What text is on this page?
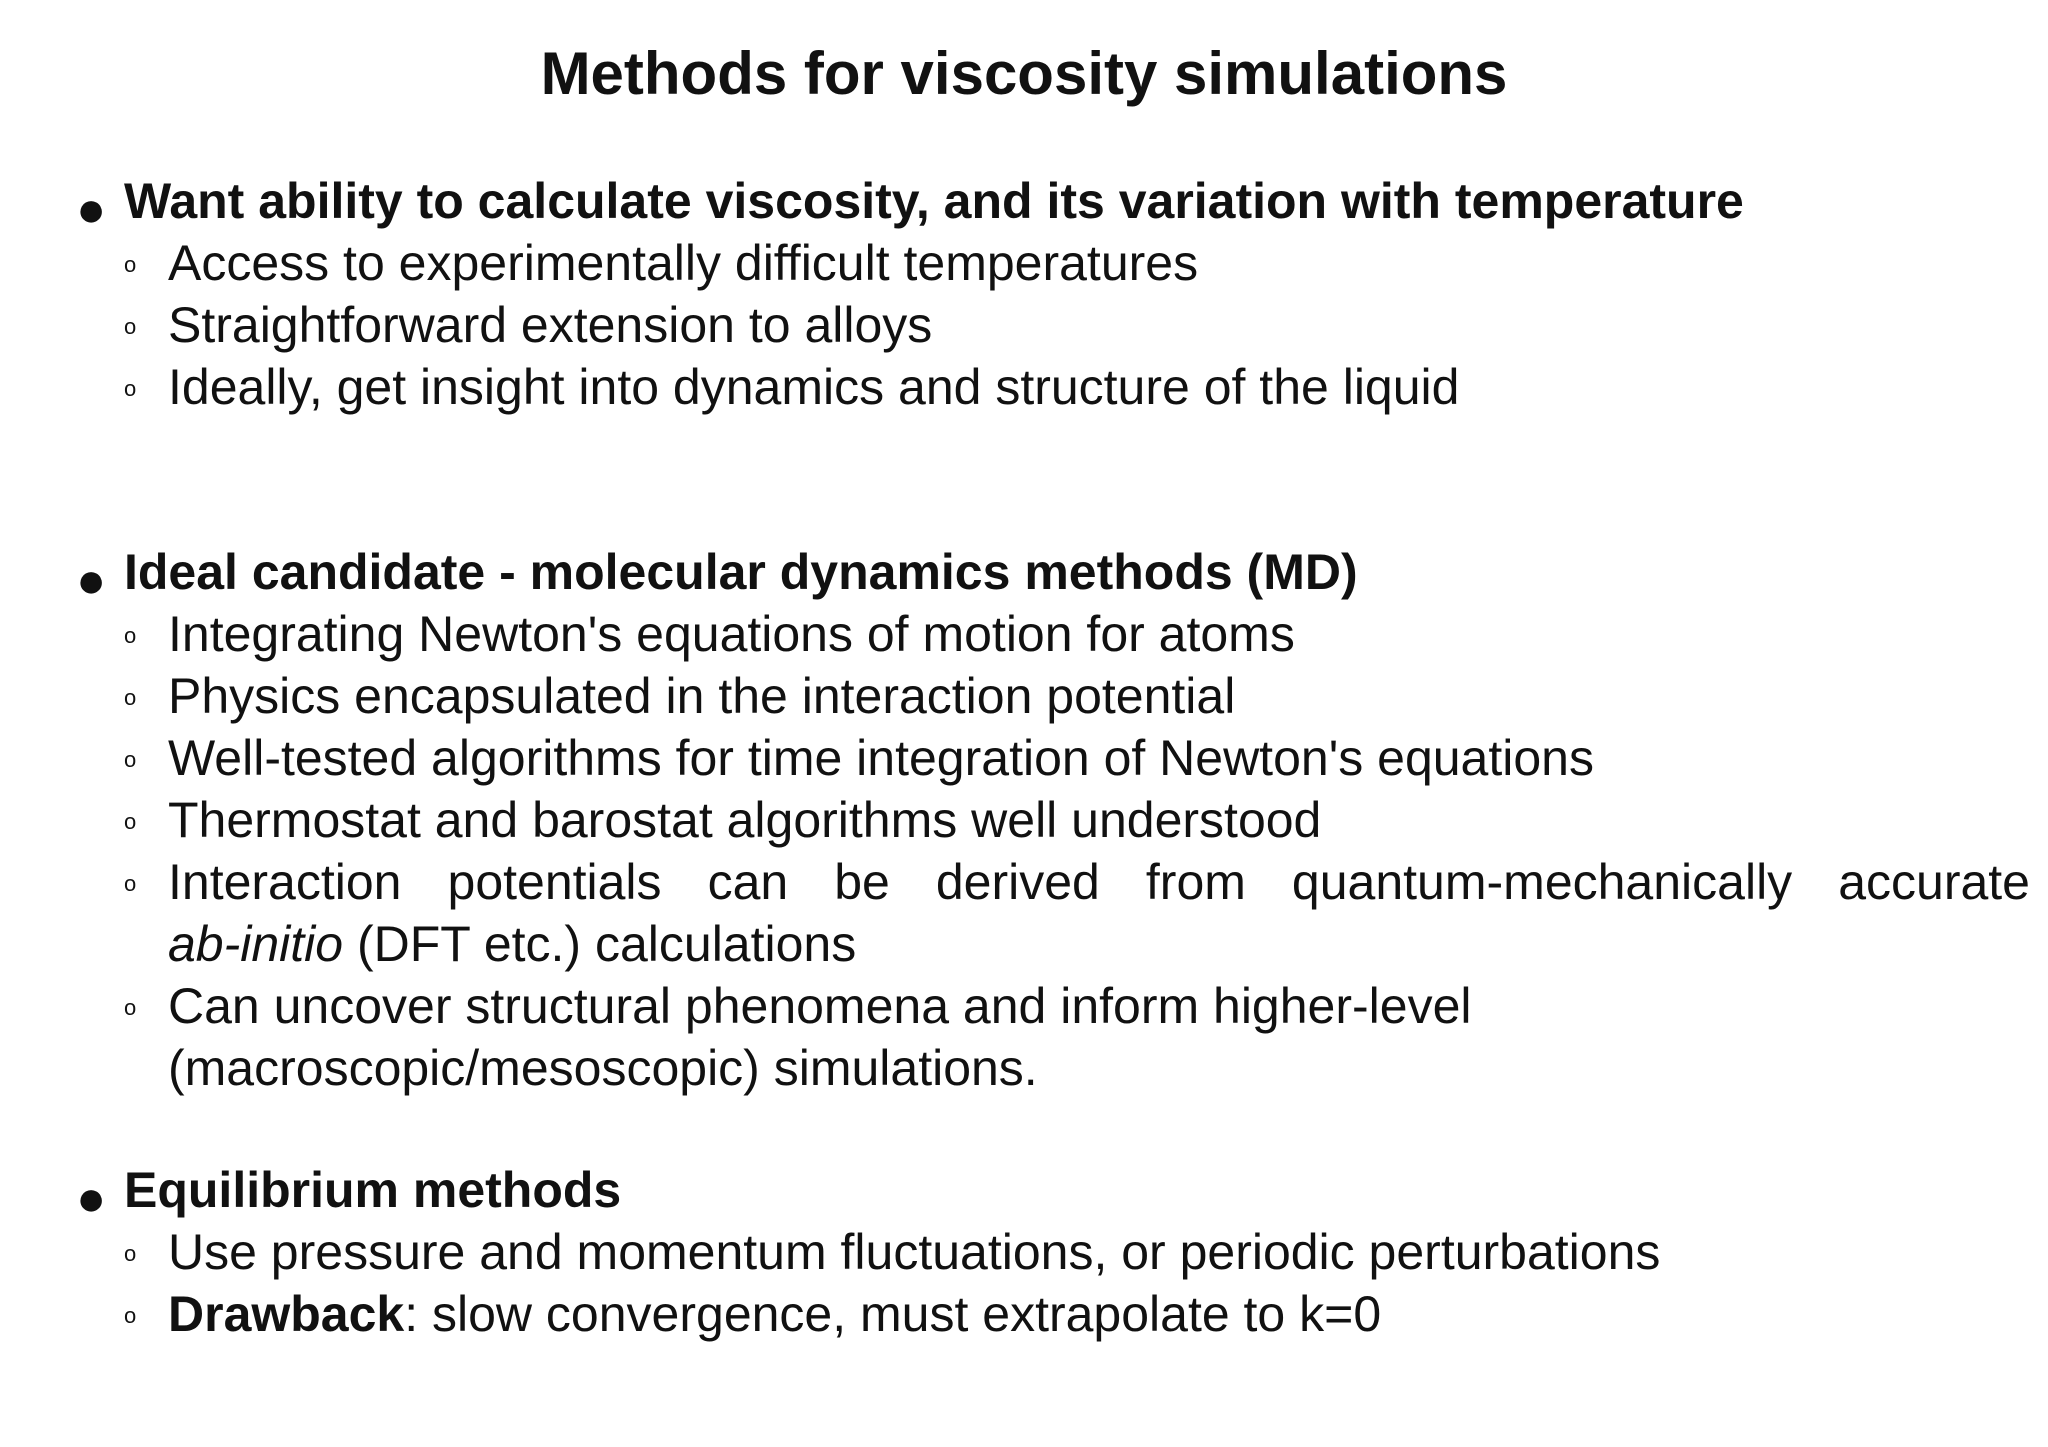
Methods for viscosity simulations
● Want ability to calculate viscosity, and its variation with temperature
o Access to experimentally difficult temperatures
o Straightforward extension to alloys
o Ideally, get insight into dynamics and structure of the liquid
● Ideal candidate - molecular dynamics methods (MD)
o Integrating Newton's equations of motion for atoms
o Physics encapsulated in the interaction potential
o Well-tested algorithms for time integration of Newton's equations
o Thermostat and barostat algorithms well understood
o Interaction potentials can be derived from quantum-mechanically accurate
ab-initio (DFT etc.) calculations
o Can uncover structural phenomena and inform higher-level
(macroscopic/mesoscopic) simulations.
● Equilibrium methods
o Use pressure and momentum fluctuations, or periodic perturbations
o Drawback: slow convergence, must extrapolate to k=0
